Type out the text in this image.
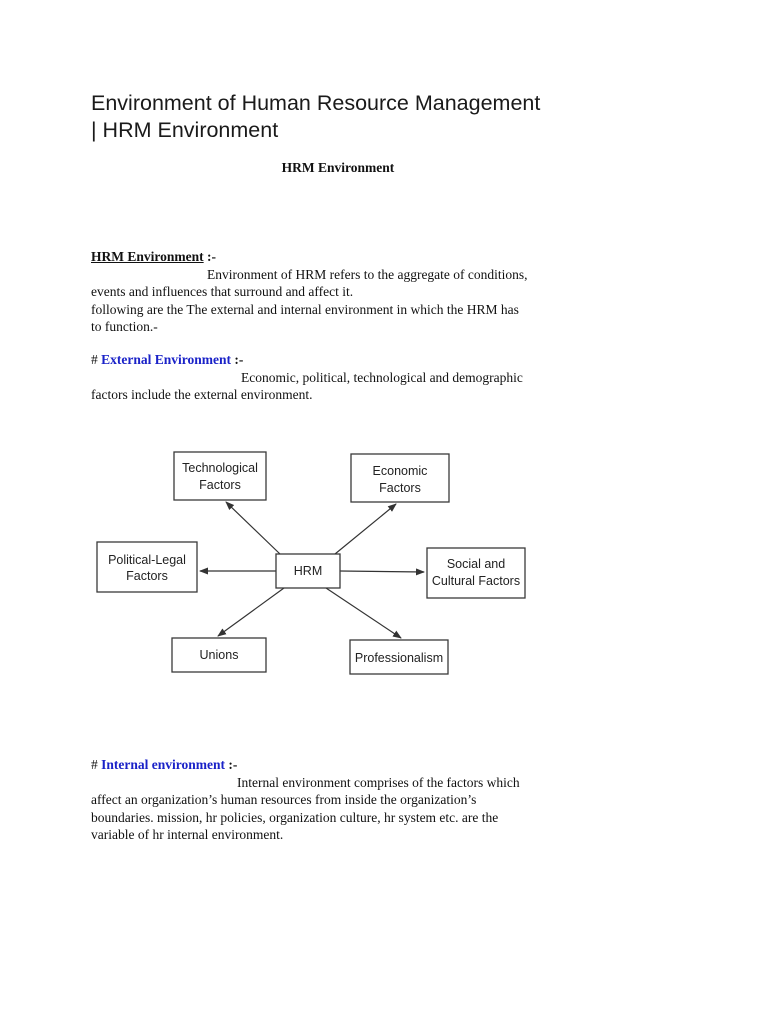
Environment of Human Resource Management
| HRM Environment
HRM Environment

HRM Environment :-

Environment of HRM refers to the aggregate of conditions,

events and influences that surround and affect it.

following are the The external and internal environment in which the HRM has

to function.-

# External Environment :-

Economic, political, technological and demographic

factors include the external environment.

HRM
Technological
Factors
Economic
Factors
Political-Legal
Factors
Social and
Cultural Factors
Unions	Professionalism

# Internal environment :-

Internal environment comprises of the factors which

affect an organization’s human resources from inside the organization’s

boundaries. mission, hr policies, organization culture, hr system etc. are the

variable of hr internal environment.
